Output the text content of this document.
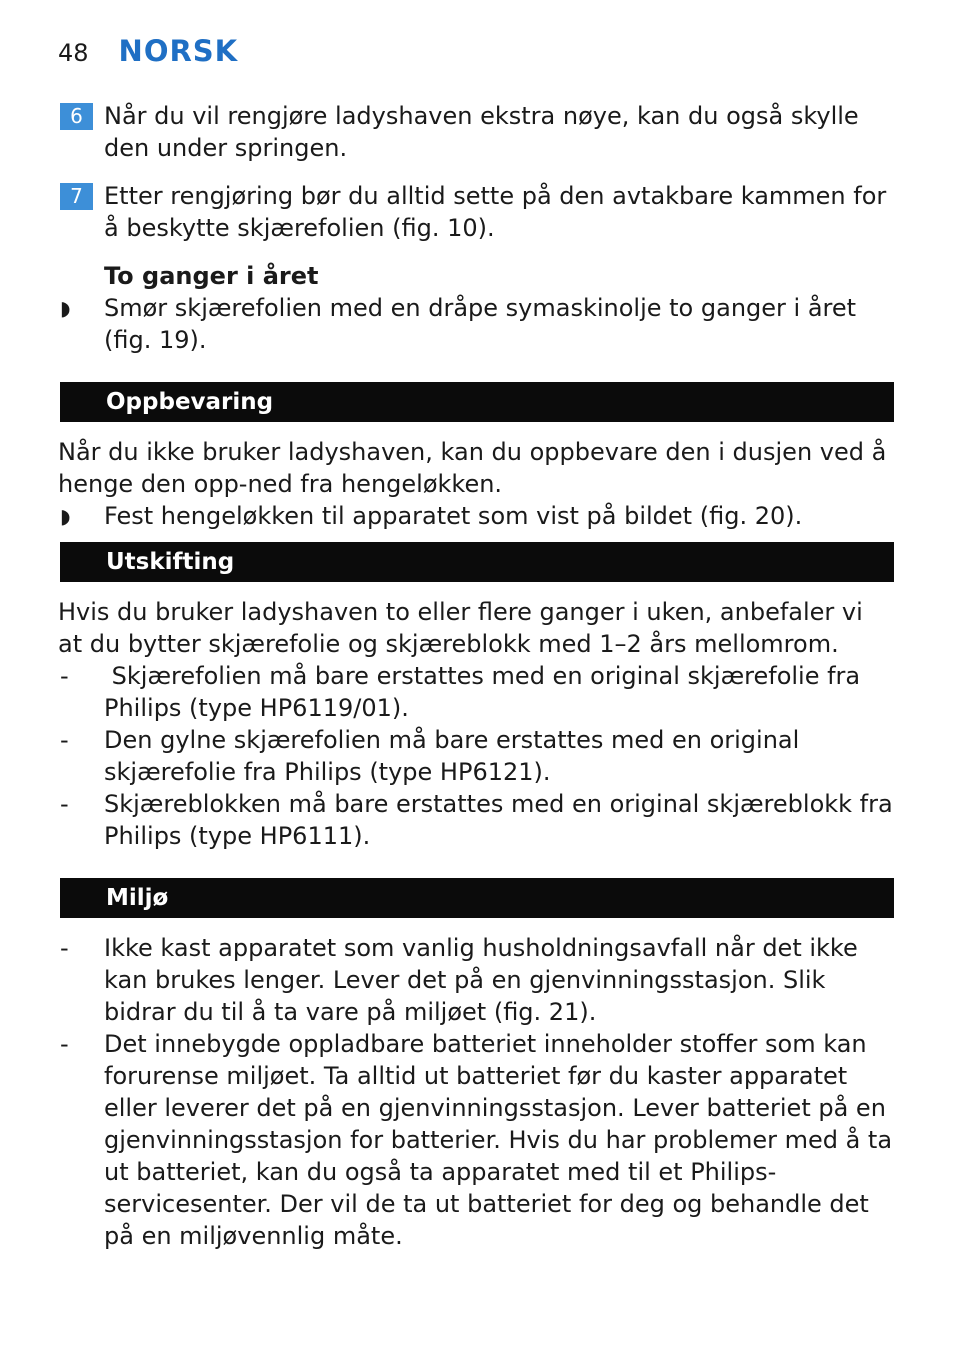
48 NORSK
6 Når du vil rengjøre ladyshaven ekstra nøye, kan du også skylle den under springen.
7 Etter rengjøring bør du alltid sette på den avtakbare kammen for å beskytte skjærefolien (fig. 10).
To ganger i året
◗ Smør skjærefolien med en dråpe symaskinolje to ganger i året (fig. 19).
Oppbevaring
Når du ikke bruker ladyshaven, kan du oppbevare den i dusjen ved å henge den opp-ned fra hengeløkken.
◗ Fest hengeløkken til apparatet som vist på bildet (fig. 20).
Utskifting
Hvis du bruker ladyshaven to eller flere ganger i uken, anbefaler vi at du bytter skjærefolie og skjæreblokk med 1–2 års mellomrom.
- Skjærefolien må bare erstattes med en original skjærefolie fra Philips (type HP6119/01).
- Den gylne skjærefolien må bare erstattes med en original skjærefolie fra Philips (type HP6121).
- Skjæreblokken må bare erstattes med en original skjæreblokk fra Philips (type HP6111).
Miljø
- Ikke kast apparatet som vanlig husholdningsavfall når det ikke kan brukes lenger. Lever det på en gjenvinningsstasjon. Slik bidrar du til å ta vare på miljøet (fig. 21).
- Det innebygde oppladbare batteriet inneholder stoffer som kan forurense miljøet. Ta alltid ut batteriet før du kaster apparatet eller leverer det på en gjenvinningsstasjon. Lever batteriet på en gjenvinningsstasjon for batterier. Hvis du har problemer med å ta ut batteriet, kan du også ta apparatet med til et Philips-servicesenter. Der vil de ta ut batteriet for deg og behandle det på en miljøvennlig måte.
